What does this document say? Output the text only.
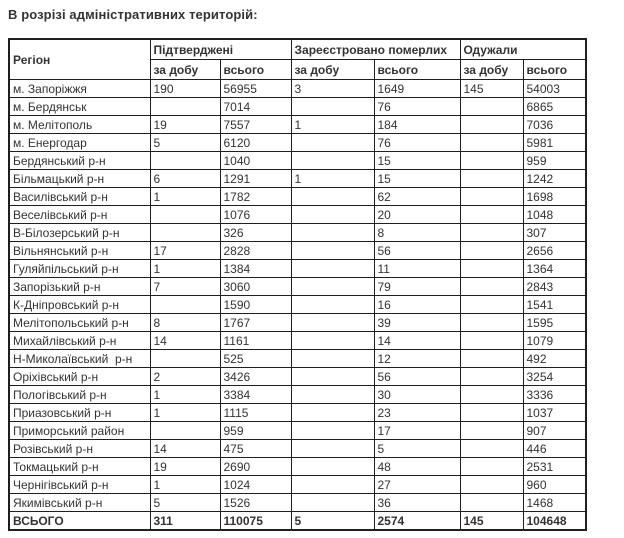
В розрізі адміністративних територій:

Регіон	Підтверджені		Зареєстровано померлих		Одужали	
	за добу	всього	за добу	всього	за добу	всього
м. Запоріжжя	190	56955	3	1649	145	54003
м. Бердянськ		7014		76		6865
м. Мелітополь	19	7557	1	184		7036
м. Енергодар	5	6120		76		5981
Бердянський р-н		1040		15		959
Більмацький р-н	6	1291	1	15		1242
Василівський р-н	1	1782		62		1698
Веселівський р-н		1076		20		1048
В-Білозерський р-н		326		8		307
Вільнянський р-н	17	2828		56		2656
Гуляйпільський р-н	1	1384		11		1364
Запорізький р-н	7	3060		79		2843
К-Дніпровський р-н		1590		16		1541
Мелітопольський р-н	8	1767		39		1595
Михайлівський р-н	14	1161		14		1079
Н-Миколаївський  р-н		525		12		492
Оріхівський р-н	2	3426		56		3254
Пологівський р-н	1	3384		30		3336
Приазовський р-н	1	1115		23		1037
Приморський район		959		17		907
Розівський р-н	14	475		5		446
Токмацький р-н	19	2690		48		2531
Чернігівський р-н	1	1024		27		960
Якимівський р-н	5	1526		36		1468
ВСЬОГО	311	110075	5	2574	145	104648
